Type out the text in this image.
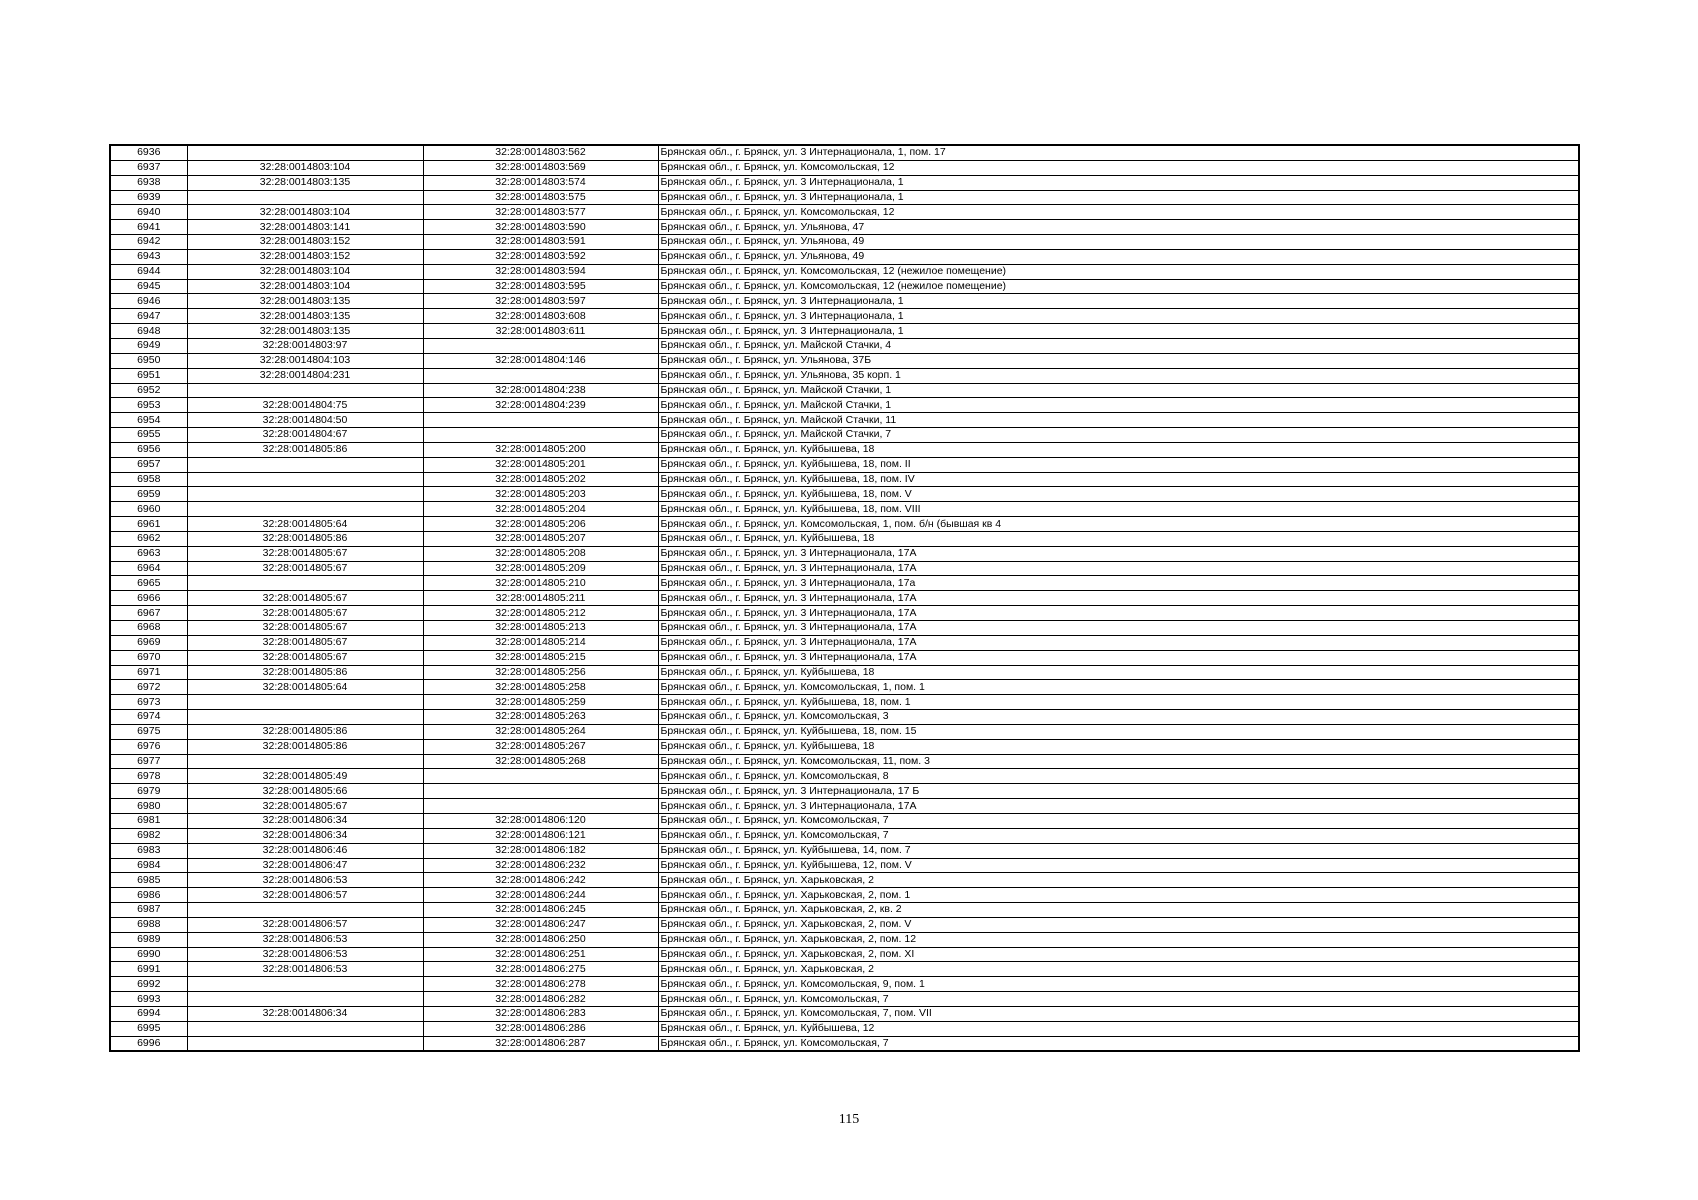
6936		32:28:0014803:562	Брянская обл., г. Брянск, ул. 3 Интернационала, 1, пом. 17
6937	32:28:0014803:104	32:28:0014803:569	Брянская обл., г. Брянск, ул. Комсомольская, 12
6938	32:28:0014803:135	32:28:0014803:574	Брянская обл., г. Брянск, ул. 3 Интернационала, 1
6939		32:28:0014803:575	Брянская обл., г. Брянск, ул. 3 Интернационала, 1
6940	32:28:0014803:104	32:28:0014803:577	Брянская обл., г. Брянск, ул. Комсомольская, 12
6941	32:28:0014803:141	32:28:0014803:590	Брянская обл., г. Брянск, ул. Ульянова, 47
6942	32:28:0014803:152	32:28:0014803:591	Брянская обл., г. Брянск, ул. Ульянова, 49
6943	32:28:0014803:152	32:28:0014803:592	Брянская обл., г. Брянск, ул. Ульянова, 49
6944	32:28:0014803:104	32:28:0014803:594	Брянская обл., г. Брянск, ул. Комсомольская, 12 (нежилое помещение)
6945	32:28:0014803:104	32:28:0014803:595	Брянская обл., г. Брянск, ул. Комсомольская, 12 (нежилое помещение)
6946	32:28:0014803:135	32:28:0014803:597	Брянская обл., г. Брянск, ул. 3 Интернационала, 1
6947	32:28:0014803:135	32:28:0014803:608	Брянская обл., г. Брянск, ул. 3 Интернационала, 1
6948	32:28:0014803:135	32:28:0014803:611	Брянская обл., г. Брянск, ул. 3 Интернационала, 1
6949	32:28:0014803:97		Брянская обл., г. Брянск, ул. Майской Стачки, 4
6950	32:28:0014804:103	32:28:0014804:146	Брянская обл., г. Брянск, ул. Ульянова, 37Б
6951	32:28:0014804:231		Брянская обл., г. Брянск, ул. Ульянова, 35 корп. 1
6952		32:28:0014804:238	Брянская обл., г. Брянск, ул. Майской Стачки, 1
6953	32:28:0014804:75	32:28:0014804:239	Брянская обл., г. Брянск, ул. Майской Стачки, 1
6954	32:28:0014804:50		Брянская обл., г. Брянск, ул. Майской Стачки, 11
6955	32:28:0014804:67		Брянская обл., г. Брянск, ул. Майской Стачки, 7
6956	32:28:0014805:86	32:28:0014805:200	Брянская обл., г. Брянск, ул. Куйбышева, 18
6957		32:28:0014805:201	Брянская обл., г. Брянск, ул. Куйбышева, 18, пом. II
6958		32:28:0014805:202	Брянская обл., г. Брянск, ул. Куйбышева, 18, пом. IV
6959		32:28:0014805:203	Брянская обл., г. Брянск, ул. Куйбышева, 18, пом. V
6960		32:28:0014805:204	Брянская обл., г. Брянск, ул. Куйбышева, 18, пом. VIII
6961	32:28:0014805:64	32:28:0014805:206	Брянская обл., г. Брянск, ул. Комсомольская, 1, пом. б/н (бывшая кв 4
6962	32:28:0014805:86	32:28:0014805:207	Брянская обл., г. Брянск, ул. Куйбышева, 18
6963	32:28:0014805:67	32:28:0014805:208	Брянская обл., г. Брянск, ул. 3 Интернационала, 17А
6964	32:28:0014805:67	32:28:0014805:209	Брянская обл., г. Брянск, ул. 3 Интернационала, 17А
6965		32:28:0014805:210	Брянская обл., г. Брянск, ул. 3 Интернационала, 17а
6966	32:28:0014805:67	32:28:0014805:211	Брянская обл., г. Брянск, ул. 3 Интернационала, 17А
6967	32:28:0014805:67	32:28:0014805:212	Брянская обл., г. Брянск, ул. 3 Интернационала, 17А
6968	32:28:0014805:67	32:28:0014805:213	Брянская обл., г. Брянск, ул. 3 Интернационала, 17А
6969	32:28:0014805:67	32:28:0014805:214	Брянская обл., г. Брянск, ул. 3 Интернационала, 17А
6970	32:28:0014805:67	32:28:0014805:215	Брянская обл., г. Брянск, ул. 3 Интернационала, 17А
6971	32:28:0014805:86	32:28:0014805:256	Брянская обл., г. Брянск, ул. Куйбышева, 18
6972	32:28:0014805:64	32:28:0014805:258	Брянская обл., г. Брянск, ул. Комсомольская, 1, пом. 1
6973		32:28:0014805:259	Брянская обл., г. Брянск, ул. Куйбышева, 18, пом. 1
6974		32:28:0014805:263	Брянская обл., г. Брянск, ул. Комсомольская, 3
6975	32:28:0014805:86	32:28:0014805:264	Брянская обл., г. Брянск, ул. Куйбышева, 18, пом. 15
6976	32:28:0014805:86	32:28:0014805:267	Брянская обл., г. Брянск, ул. Куйбышева, 18
6977		32:28:0014805:268	Брянская обл., г. Брянск, ул. Комсомольская, 11, пом. 3
6978	32:28:0014805:49		Брянская обл., г. Брянск, ул. Комсомольская, 8
6979	32:28:0014805:66		Брянская обл., г. Брянск, ул. 3 Интернационала, 17 Б
6980	32:28:0014805:67		Брянская обл., г. Брянск, ул. 3 Интернационала, 17А
6981	32:28:0014806:34	32:28:0014806:120	Брянская обл., г. Брянск, ул. Комсомольская, 7
6982	32:28:0014806:34	32:28:0014806:121	Брянская обл., г. Брянск, ул. Комсомольская, 7
6983	32:28:0014806:46	32:28:0014806:182	Брянская обл., г. Брянск, ул. Куйбышева, 14, пом. 7
6984	32:28:0014806:47	32:28:0014806:232	Брянская обл., г. Брянск, ул. Куйбышева, 12, пом. V
6985	32:28:0014806:53	32:28:0014806:242	Брянская обл., г. Брянск, ул. Харьковская, 2
6986	32:28:0014806:57	32:28:0014806:244	Брянская обл., г. Брянск, ул. Харьковская, 2, пом. 1
6987		32:28:0014806:245	Брянская обл., г. Брянск, ул. Харьковская, 2, кв. 2
6988	32:28:0014806:57	32:28:0014806:247	Брянская обл., г. Брянск, ул. Харьковская, 2, пом. V
6989	32:28:0014806:53	32:28:0014806:250	Брянская обл., г. Брянск, ул. Харьковская, 2, пом. 12
6990	32:28:0014806:53	32:28:0014806:251	Брянская обл., г. Брянск, ул. Харьковская, 2, пом. XI
6991	32:28:0014806:53	32:28:0014806:275	Брянская обл., г. Брянск, ул. Харьковская, 2
6992		32:28:0014806:278	Брянская обл., г. Брянск, ул. Комсомольская, 9, пом. 1
6993		32:28:0014806:282	Брянская обл., г. Брянск, ул. Комсомольская, 7
6994	32:28:0014806:34	32:28:0014806:283	Брянская обл., г. Брянск, ул. Комсомольская, 7, пом. VII
6995		32:28:0014806:286	Брянская обл., г. Брянск, ул. Куйбышева, 12
6996		32:28:0014806:287	Брянская обл., г. Брянск, ул. Комсомольская, 7
115
